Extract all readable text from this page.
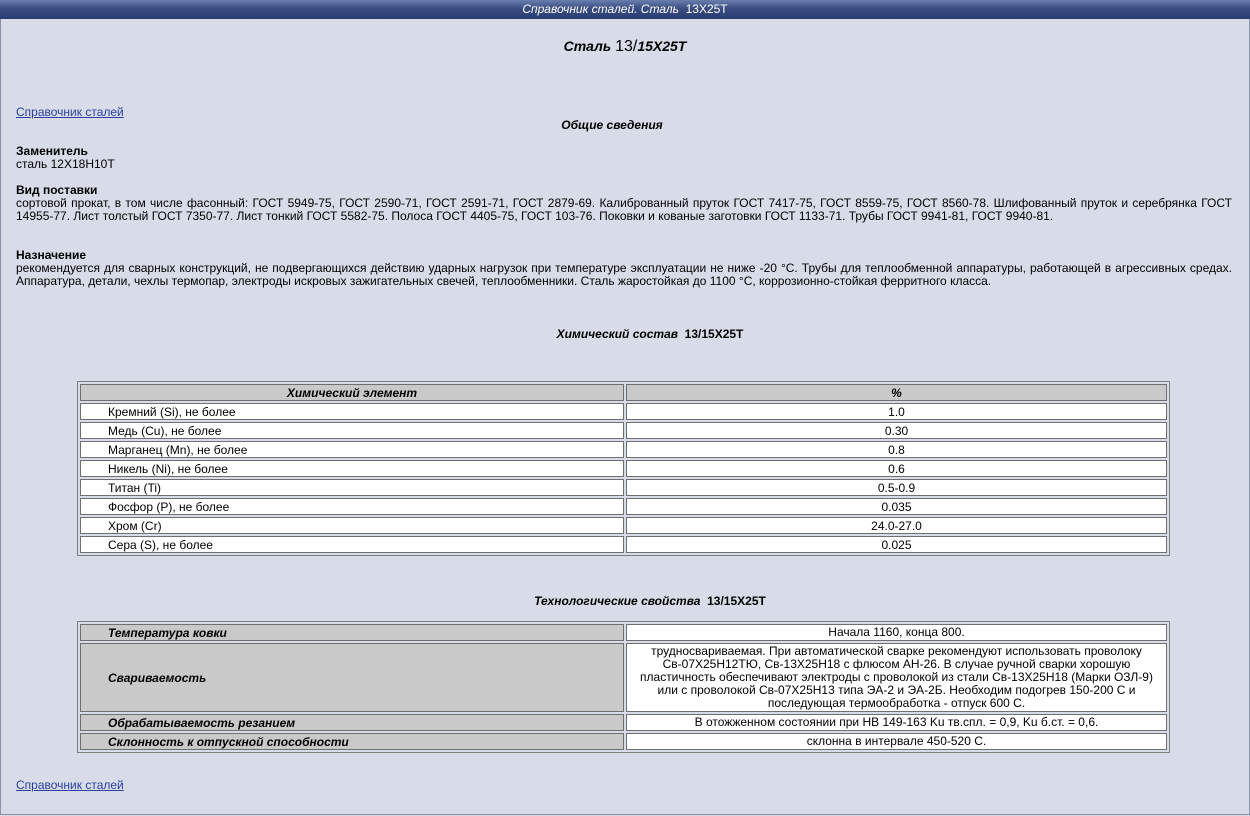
Справочник сталей. Сталь 13Х25Т
Сталь 13/15Х25Т
Справочник сталей
Общие сведения
Заменитель
сталь 12Х18Н10Т
Вид поставки
сортовой прокат, в том числе фасонный: ГОСТ 5949-75, ГОСТ 2590-71, ГОСТ 2591-71, ГОСТ 2879-69. Калиброванный пруток ГОСТ 7417-75, ГОСТ 8559-75, ГОСТ 8560-78. Шлифованный пруток и серебрянка ГОСТ 14955-77. Лист толстый ГОСТ 7350-77. Лист тонкий ГОСТ 5582-75. Полоса ГОСТ 4405-75, ГОСТ 103-76. Поковки и кованые заготовки ГОСТ 1133-71. Трубы ГОСТ 9941-81, ГОСТ 9940-81.
Назначение
рекомендуется для сварных конструкций, не подвергающихся действию ударных нагрузок при температуре эксплуатации не ниже -20 °С. Трубы для теплообменной аппаратуры, работающей в агрессивных средах. Аппаратура, детали, чехлы термопар, электроды искровых зажигательных свечей, теплообменники. Сталь жаростойкая до 1100 °С, коррозионно-стойкая ферритного класса.
Химический состав 13/15Х25Т
Химический элемент	%
Кремний (Si), не более	1.0
Медь (Cu), не более	0.30
Марганец (Mn), не более	0.8
Никель (Ni), не более	0.6
Титан (Ti)	0.5-0.9
Фосфор (P), не более	0.035
Хром (Cr)	24.0-27.0
Сера (S), не более	0.025
Технологические свойства 13/15Х25Т
Температура ковки	Начала 1160, конца 800.
Свариваемость	трудносвариваемая. При автоматической сварке рекомендуют использовать проволоку Св-07Х25Н12ТЮ, Св-13Х25Н18 с флюсом АН-26. В случае ручной сварки хорошую пластичность обеспечивают электроды с проволокой из стали Св-13Х25Н18 (Марки ОЗЛ-9) или с проволокой Св-07Х25Н13 типа ЭА-2 и ЭА-2Б. Необходим подогрев 150-200 С и последующая термообработка - отпуск 600 С.
Обрабатываемость резанием	В отожженном состоянии при НВ 149-163 Ku тв.спл. = 0,9, Ku б.ст. = 0,6.
Склонность к отпускной способности	склонна в интервале 450-520 С.
Справочник сталей
